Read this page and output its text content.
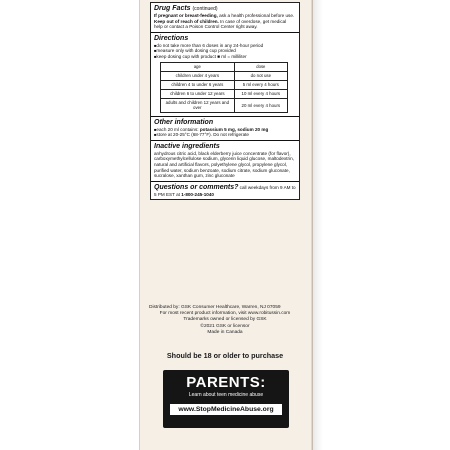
Drug Facts (continued)
If pregnant or breast-feeding, ask a health professional before use.
Keep out of reach of children. In case of overdose, get medical help or contact a Poison Control Center right away.
Directions
■ do not take more than 6 doses in any 24-hour period
■ measure only with dosing cup provided
■ keep dosing cup with product ■ ml = milliliter
age	dose
children under 4 years	do not use
children 4 to under 6 years	5 ml every 4 hours
children 6 to under 12 years	10 ml every 4 hours
adults and children 12 years and over	20 ml every 4 hours
Other information
■ each 20 ml contains: potassium 5 mg, sodium 20 mg
■ store at 20-25°C (68-77°F). Do not refrigerate
Inactive ingredients
anhydrous citric acid, black elderberry juice concentrate (for flavor), carboxymethylcellulose sodium, glycerin liquid glucose, maltodextrin, natural and artificial flavors, polyethylene glycol, propylene glycol, purified water, sodium benzoate, sodium citrate, sodium gluconate, sucralose, xanthan gum, zinc gluconate
Questions or comments? call weekdays from 9 AM to 5 PM EST at 1-800-245-1040
Distributed by: GSK Consumer Healthcare, Warren, NJ 07059
For most recent product information, visit www.robitussin.com
Trademarks owned or licensed by GSK
©2021 GSK or licensor
Made in Canada
Should be 18 or older to purchase
PARENTS:
Learn about teen medicine abuse
www.StopMedicineAbuse.org
